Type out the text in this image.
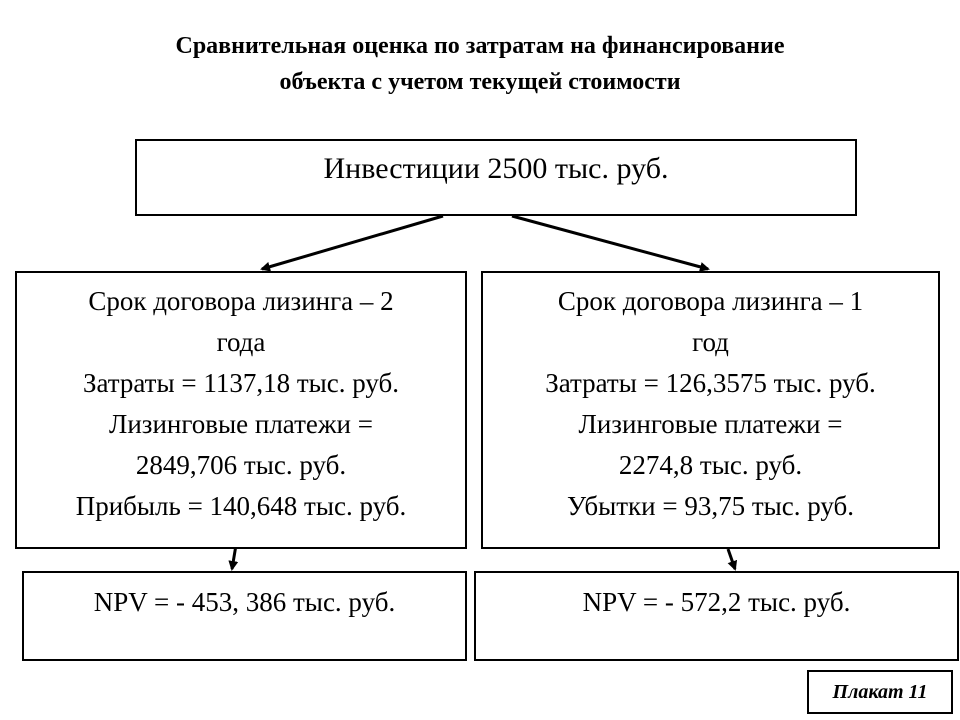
Сравнительная оценка по затратам на финансирование
объекта с учетом текущей стоимости
Инвестиции 2500 тыс. руб.
Срок договора лизинга – 2
года
Затраты = 1137,18 тыс. руб.
Лизинговые платежи =
2849,706 тыс. руб.
Прибыль = 140,648 тыс. руб.
Срок договора лизинга – 1
год
Затраты = 126,3575 тыс. руб.
Лизинговые платежи =
2274,8 тыс. руб.
Убытки = 93,75 тыс. руб.
NPV = - 453, 386 тыс. руб.	NPV = - 572,2 тыс. руб.
Плакат 11
